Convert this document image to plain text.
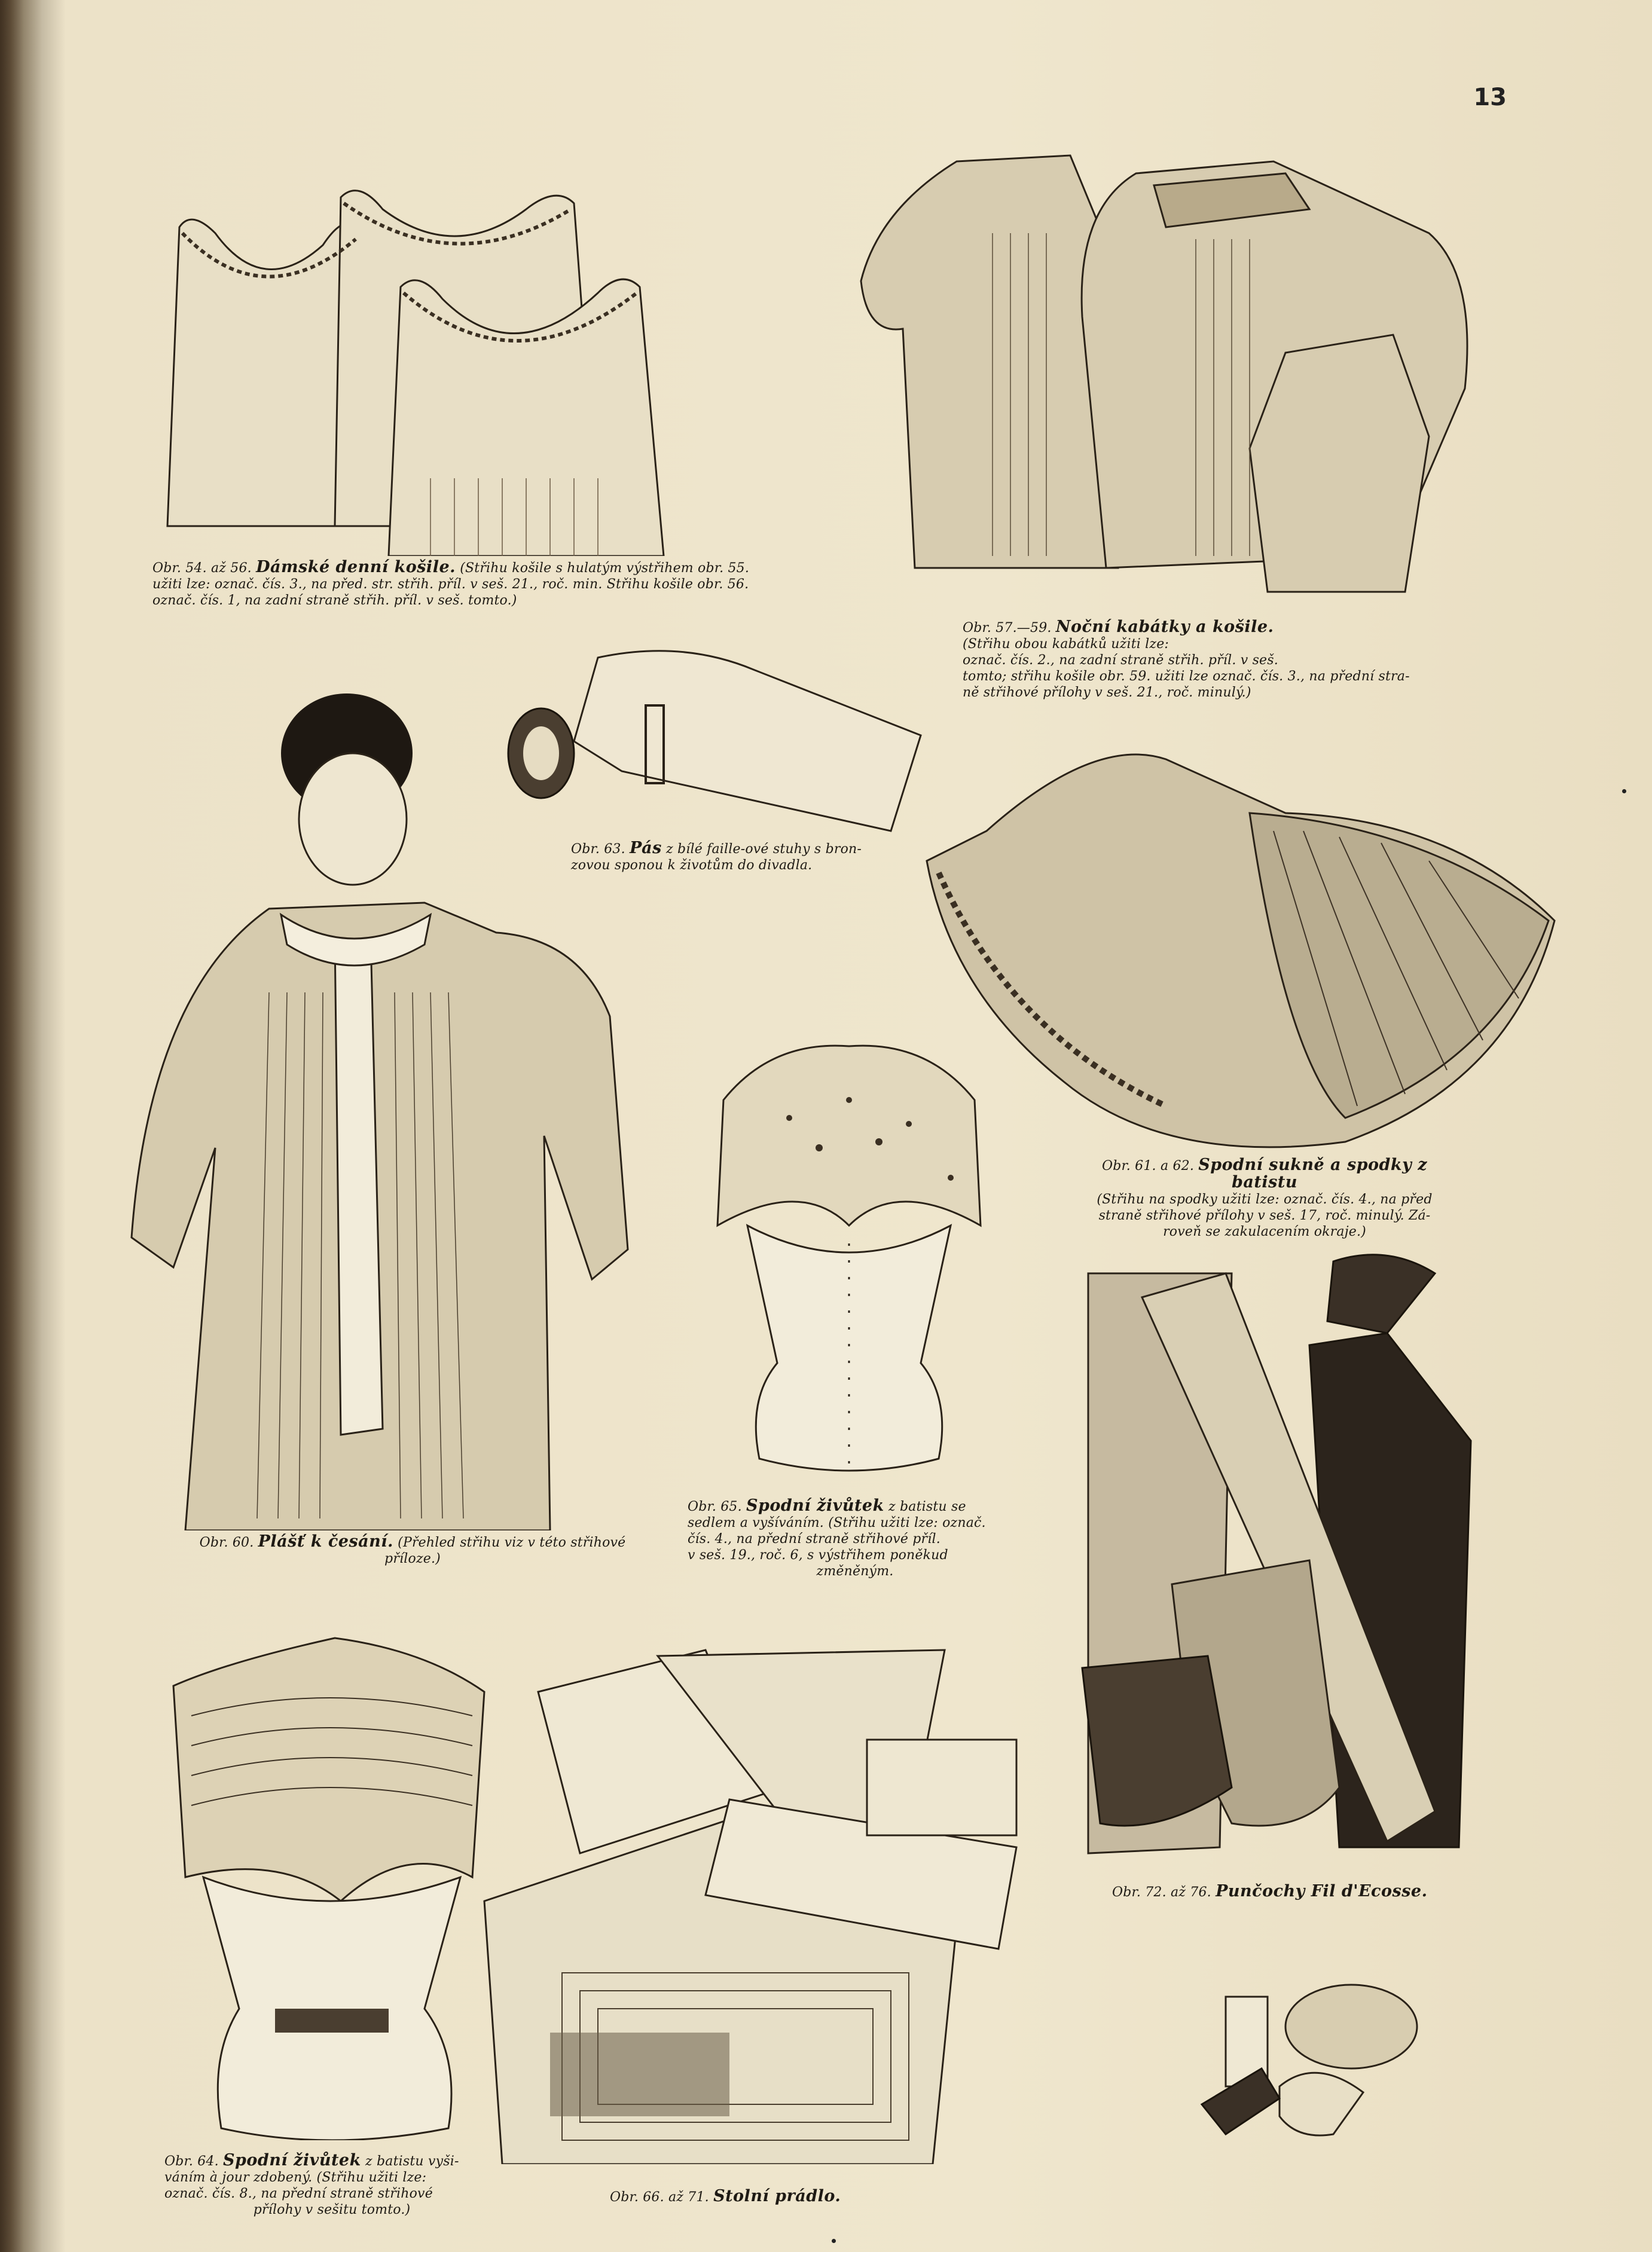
13
Obr. 54. až 56. Dámské denní košile. (Střihu košile s hulatým výstřihem obr. 55.
užiti lze: označ. čís. 3., na před. str. střih. příl. v seš. 21., roč. min. Střihu košile obr. 56.
označ. čís. 1, na zadní straně střih. příl. v seš. tomto.)
Obr. 57.—59. Noční kabátky a košile.
(Střihu obou kabátků užiti lze:
označ. čís. 2., na zadní straně střih. příl. v seš.
tomto; střihu košile obr. 59. užiti lze označ. čís. 3., na přední stra-
ně střihové přílohy v seš. 21., roč. minulý.)
Obr. 63. Pás z bílé faille-ové stuhy s bron-
zovou sponou k životům do divadla.
Obr. 61. a 62. Spodní sukně a spodky z batistu
(Střihu na spodky užiti lze: označ. čís. 4., na před
straně střihové přílohy v seš. 17, roč. minulý. Zá-
roveň se zakulacením okraje.)
Obr. 60. Plášť k česání. (Přehled střihu viz v této střihové
příloze.)
Obr. 65. Spodní živůtek z batistu se
sedlem a vyšíváním. (Střihu užiti lze: označ.
čís. 4., na přední straně střihové příl.
v seš. 19., roč. 6, s výstřihem poněkud
změněným.
Obr. 72. až 76. Punčochy Fil d'Ecosse.
Obr. 64. Spodní živůtek z batistu vyši-
váním à jour zdobený. (Střihu užiti lze:
označ. čís. 8., na přední straně střihové
přílohy v sešitu tomto.)
Obr. 66. až 71. Stolní prádlo.
